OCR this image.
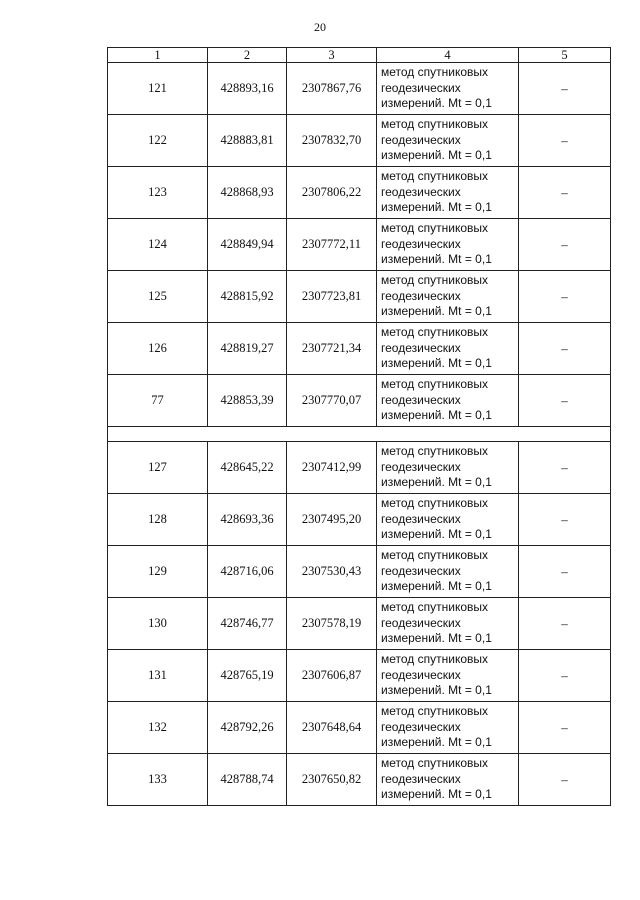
20
1	2	3	4	5
121	428893,16	2307867,76	метод спутниковых
геодезических
измерений. Mt = 0,1	–
122	428883,81	2307832,70	метод спутниковых
геодезических
измерений. Mt = 0,1	–
123	428868,93	2307806,22	метод спутниковых
геодезических
измерений. Mt = 0,1	–
124	428849,94	2307772,11	метод спутниковых
геодезических
измерений. Mt = 0,1	–
125	428815,92	2307723,81	метод спутниковых
геодезических
измерений. Mt = 0,1	–
126	428819,27	2307721,34	метод спутниковых
геодезических
измерений. Mt = 0,1	–
77	428853,39	2307770,07	метод спутниковых
геодезических
измерений. Mt = 0,1	–

127	428645,22	2307412,99	метод спутниковых
геодезических
измерений. Mt = 0,1	–
128	428693,36	2307495,20	метод спутниковых
геодезических
измерений. Mt = 0,1	–
129	428716,06	2307530,43	метод спутниковых
геодезических
измерений. Mt = 0,1	–
130	428746,77	2307578,19	метод спутниковых
геодезических
измерений. Mt = 0,1	–
131	428765,19	2307606,87	метод спутниковых
геодезических
измерений. Mt = 0,1	–
132	428792,26	2307648,64	метод спутниковых
геодезических
измерений. Mt = 0,1	–
133	428788,74	2307650,82	метод спутниковых
геодезических
измерений. Mt = 0,1	–
